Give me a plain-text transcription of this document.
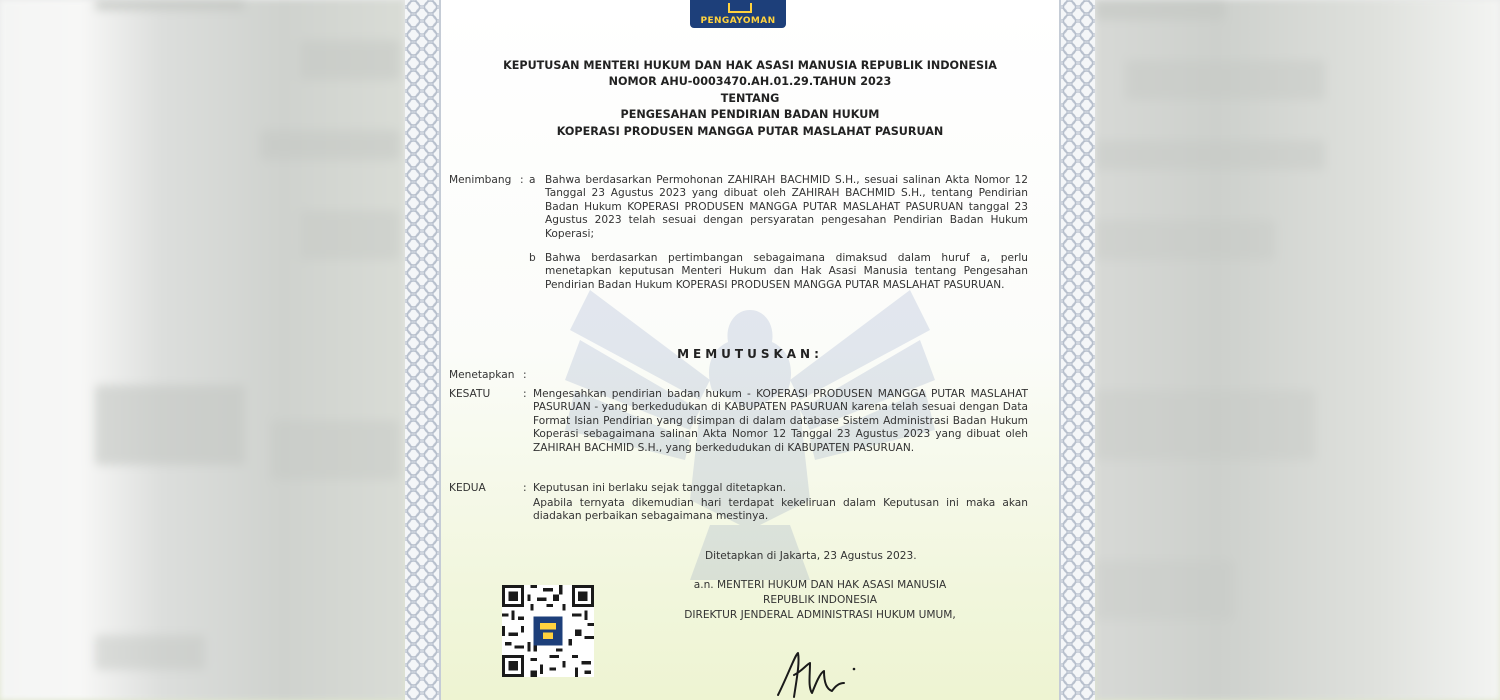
PENGAYOMAN
KEPUTUSAN MENTERI HUKUM DAN HAK ASASI MANUSIA REPUBLIK INDONESIA
NOMOR AHU-0003470.AH.01.29.TAHUN 2023
TENTANG
PENGESAHAN PENDIRIAN BADAN HUKUM
KOPERASI PRODUSEN MANGGA PUTAR MASLAHAT PASURUAN
Menimbang : a Bahwa berdasarkan Permohonan ZAHIRAH BACHMID S.H., sesuai salinan Akta Nomor 12 Tanggal 23 Agustus 2023 yang dibuat oleh ZAHIRAH BACHMID S.H., tentang Pendirian Badan Hukum KOPERASI PRODUSEN MANGGA PUTAR MASLAHAT PASURUAN tanggal 23 Agustus 2023 telah sesuai dengan persyaratan pengesahan Pendirian Badan Hukum Koperasi;
b Bahwa berdasarkan pertimbangan sebagaimana dimaksud dalam huruf a, perlu menetapkan keputusan Menteri Hukum dan Hak Asasi Manusia tentang Pengesahan Pendirian Badan Hukum KOPERASI PRODUSEN MANGGA PUTAR MASLAHAT PASURUAN.
MEMUTUSKAN:
Menetapkan :
KESATU	: Mengesahkan pendirian badan hukum - KOPERASI PRODUSEN MANGGA PUTAR MASLAHAT PASURUAN - yang berkedudukan di KABUPATEN PASURUAN karena telah sesuai dengan Data Format Isian Pendirian yang disimpan di dalam database Sistem Administrasi Badan Hukum Koperasi sebagaimana salinan Akta Nomor 12 Tanggal 23 Agustus 2023 yang dibuat oleh ZAHIRAH BACHMID S.H., yang berkedudukan di KABUPATEN PASURUAN.
KEDUA	: Keputusan ini berlaku sejak tanggal ditetapkan.
Apabila ternyata dikemudian hari terdapat kekeliruan dalam Keputusan ini maka akan diadakan perbaikan sebagaimana mestinya.
Ditetapkan di Jakarta, 23 Agustus 2023.
a.n. MENTERI HUKUM DAN HAK ASASI MANUSIA
REPUBLIK INDONESIA
DIREKTUR JENDERAL ADMINISTRASI HUKUM UMUM,
